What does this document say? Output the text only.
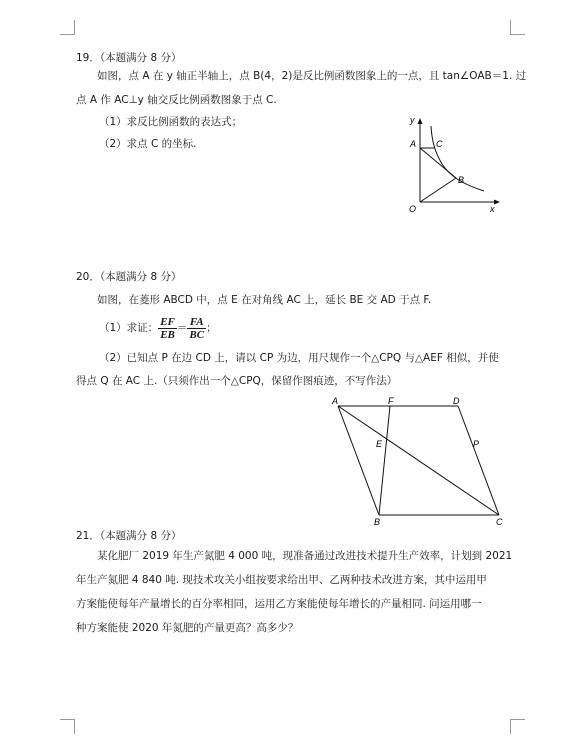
19．（本题满分 8 分）
如图，点 A 在 y 轴正半轴上，点 B(4，2)是反比例函数图象上的一点，且 tan∠OAB＝1. 过
点 A 作 AC⊥y 轴交反比例函数图象于点 C.
（1）求反比例函数的表达式；
（2）求点 C 的坐标.
y
A C
B
O	x
20．（本题满分 8 分）
如图，在菱形 ABCD 中，点 E 在对角线 AC 上，延长 BE 交 AD 于点 F.
（1）求证： $\frac{EF}{EB} = \frac{FA}{BC}$ ；
（2）已知点 P 在边 CD 上，请以 CP 为边，用尺规作一个△CPQ 与△AEF 相似，并使
得点 Q 在 AC 上.（只须作出一个△CPQ，保留作图痕迹，不写作法）
A	F	D
E	P
B	C
21．（本题满分 8 分）
某化肥厂 2019 年生产氮肥 4 000 吨，现准备通过改进技术提升生产效率，计划到 2021
年生产氮肥 4 840 吨. 现技术攻关小组按要求给出甲、乙两种技术改进方案，其中运用甲
方案能使每年产量增长的百分率相同，运用乙方案能使每年增长的产量相同. 问运用哪一
种方案能使 2020 年氮肥的产量更高？高多少？
